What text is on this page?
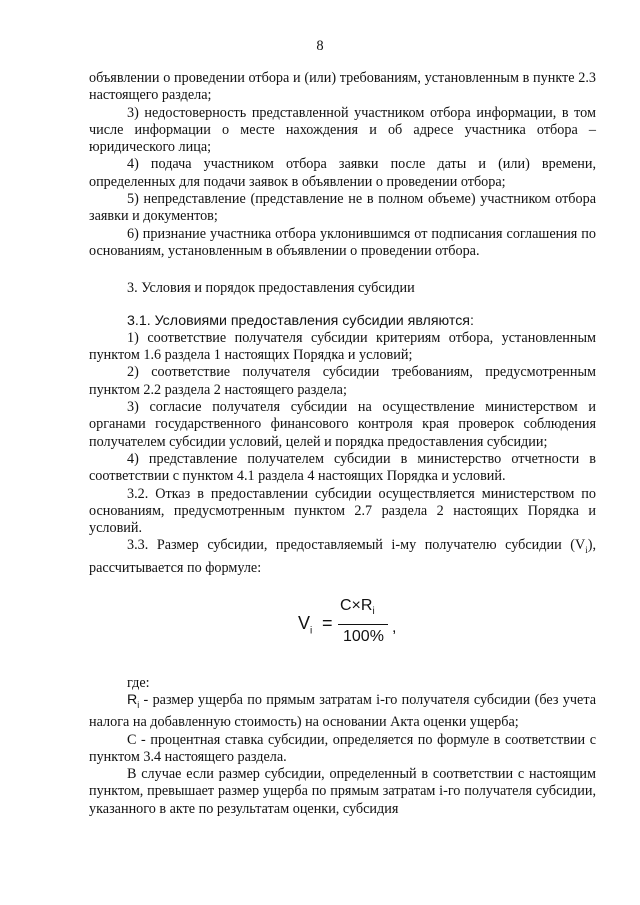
8

объявлении о проведении отбора и (или) требованиям, установленным в пункте 2.3 настоящего раздела;

3) недостоверность представленной участником отбора информации, в том числе информации о месте нахождения и об адресе участника отбора – юридического лица;

4) подача участником отбора заявки после даты и (или) времени, определенных для подачи заявок в объявлении о проведении отбора;

5) непредставление (представление не в полном объеме) участником отбора заявки и документов;

6) признание участника отбора уклонившимся от подписания соглашения по основаниям, установленным в объявлении о проведении отбора.

3. Условия и порядок предоставления субсидии

3.1. Условиями предоставления субсидии являются:

1) соответствие получателя субсидии критериям отбора, установленным пунктом 1.6 раздела 1 настоящих Порядка и условий;

2) соответствие получателя субсидии требованиям, предусмотренным пунктом 2.2 раздела 2 настоящего раздела;

3) согласие получателя субсидии на осуществление министерством и органами государственного финансового контроля края проверок соблюдения получателем субсидии условий, целей и порядка предоставления субсидии;

4) представление получателем субсидии в министерство отчетности в соответствии с пунктом 4.1 раздела 4 настоящих Порядка и условий.

3.2. Отказ в предоставлении субсидии осуществляется министерством по основаниям, предусмотренным пунктом 2.7 раздела 2 настоящих Порядка и условий.

3.3. Размер субсидии, предоставляемый i-му получателю субсидии $(V_i)$, рассчитывается по формуле:

$V_i$ =
$C\times R_i$
100%
,

где:

$R_i$ - размер ущерба по прямым затратам i-го получателя субсидии (без учета налога на добавленную стоимость) на основании Акта оценки ущерба;

C - процентная ставка субсидии, определяется по формуле в соответствии с пунктом 3.4 настоящего раздела.

В случае если размер субсидии, определенный в соответствии с настоящим пунктом, превышает размер ущерба по прямым затратам i-го получателя субсидии, указанного в акте по результатам оценки, субсидия
